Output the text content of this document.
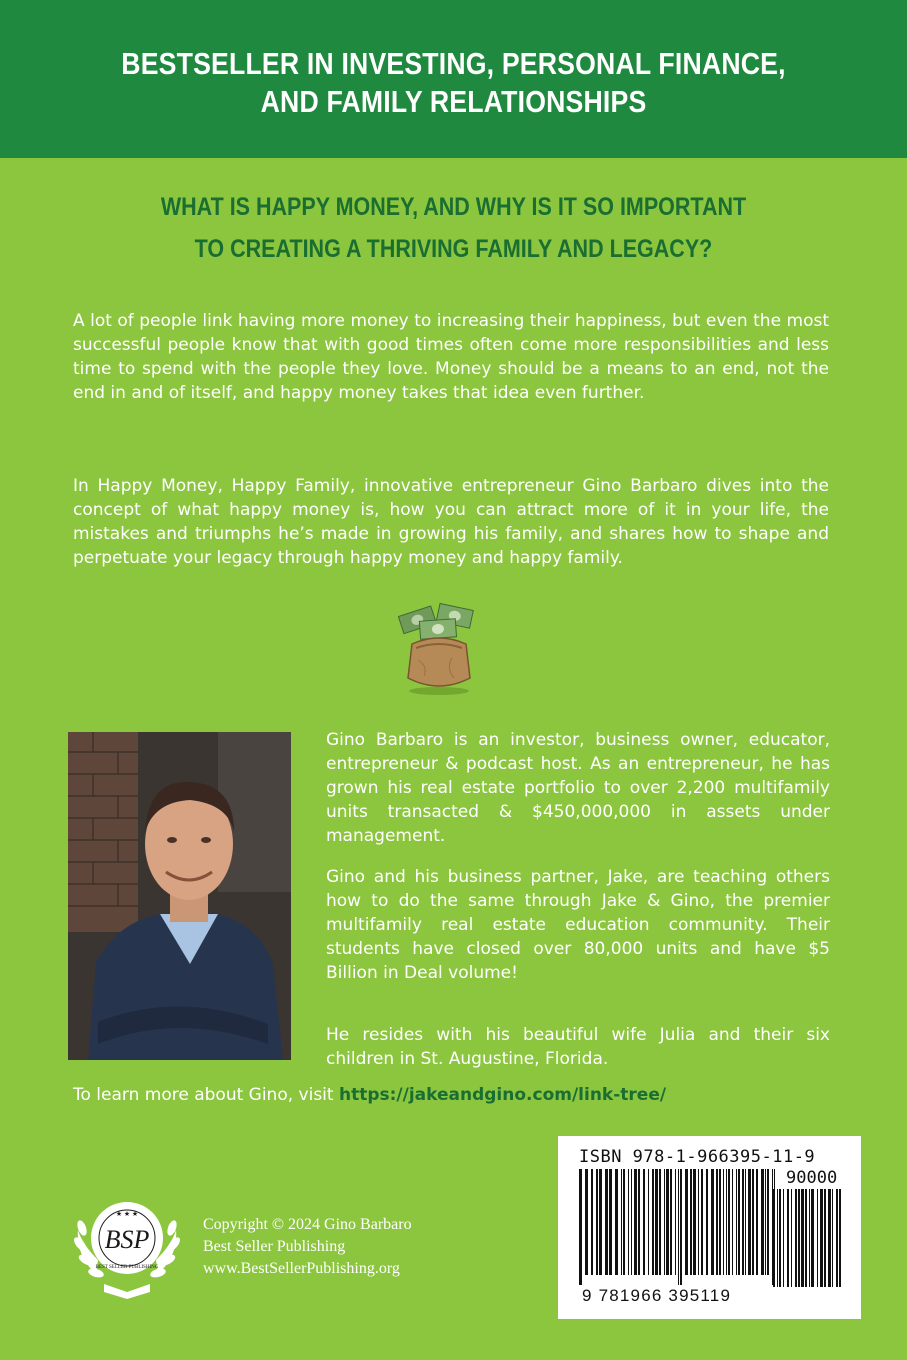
BESTSELLER IN INVESTING, PERSONAL FINANCE,
AND FAMILY RELATIONSHIPS
WHAT IS HAPPY MONEY, AND WHY IS IT SO IMPORTANT
TO CREATING A THRIVING FAMILY AND LEGACY?
A lot of people link having more money to increasing their happiness, but even the most successful people know that with good times often come more responsibilities and less time to spend with the people they love. Money should be a means to an end, not the end in and of itself, and happy money takes that idea even further.
In Happy Money, Happy Family, innovative entrepreneur Gino Barbaro dives into the concept of what happy money is, how you can attract more of it in your life, the mistakes and triumphs he’s made in growing his family, and shares how to shape and perpetuate your legacy through happy money and happy family.
Gino Barbaro is an investor, business owner, educator, entrepreneur & podcast host. As an entrepreneur, he has grown his real estate portfolio to over 2,200 multifamily units transacted & $450,000,000 in assets under management.
Gino and his business partner, Jake, are teaching others how to do the same through Jake & Gino, the premier multifamily real estate education community. Their students have closed over 80,000 units and have $5 Billion in Deal volume!
He resides with his beautiful wife Julia and their six children in St. Augustine, Florida.
To learn more about Gino, visit https://jakeandgino.com/link-tree/
ISBN 978-1-966395-11-9
90000
9 781966 395119
BSP
★ ★ ★
BEST SELLER PUBLISHING
Copyright © 2024 Gino Barbaro
Best Seller Publishing
www.BestSellerPublishing.org
